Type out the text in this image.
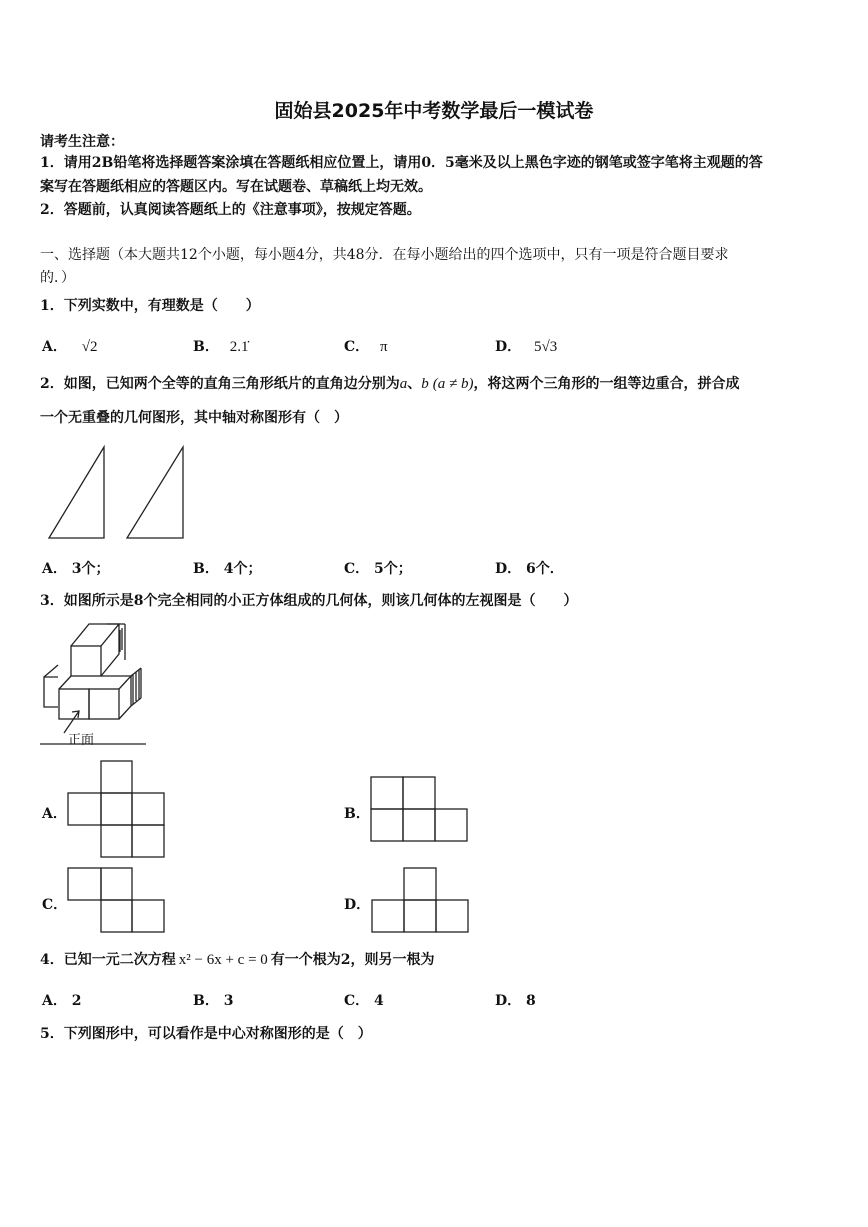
固始县2025年中考数学最后一模试卷
请考生注意：
1．请用2B铅笔将选择题答案涂填在答题纸相应位置上，请用0．5毫米及以上黑色字迹的钢笔或签字笔将主观题的答
案写在答题纸相应的答题区内。写在试题卷、草稿纸上均无效。
2．答题前，认真阅读答题纸上的《注意事项》，按规定答题。
一、选择题（本大题共12个小题，每小题4分，共48分．在每小题给出的四个选项中，只有一项是符合题目要求
的．）
1．下列实数中，有理数是（　　）
A． √2	B． 2.1̇	C． π	D． 5√3
2．如图，已知两个全等的直角三角形纸片的直角边分别为a、b (a ≠ b)，将这两个三角形的一组等边重合，拼合成
一个无重叠的几何图形，其中轴对称图形有（　）
A． 3个；	B． 4个；	C． 5个；	D． 6个．
3．如图所示是8个完全相同的小正方体组成的几何体，则该几何体的左视图是（　　）
正面
A．	B．
C．	D．
4．已知一元二次方程 x² − 6x + c = 0 有一个根为2，则另一根为
A． 2	B． 3	C． 4	D． 8
5．下列图形中，可以看作是中心对称图形的是（　）
